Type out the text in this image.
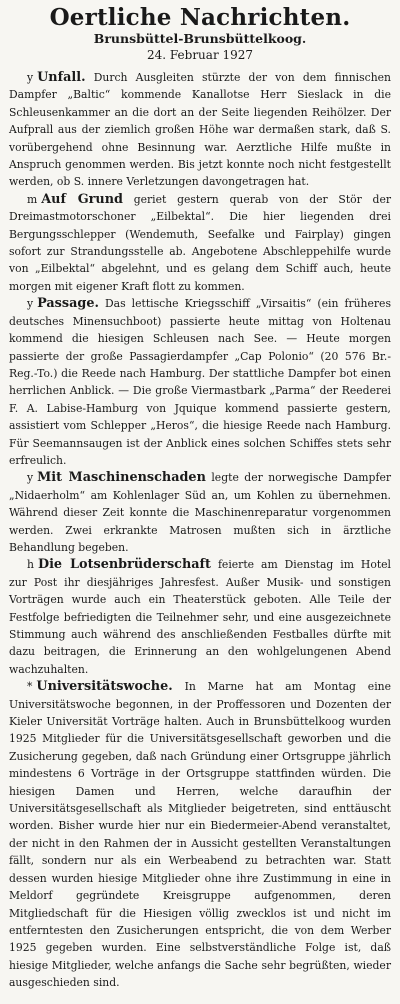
Oertliche Nachrichten.
Brunsbüttel-Brunsbüttelkoog.
24. Februar 1927

y Unfall. Durch Ausgleiten stürzte der von dem finnischen Dampfer „Baltic“ kommende Kanallotse Herr Sieslack in die Schleusenkammer an die dort an der Seite liegenden Reihölzer. Der Aufprall aus der ziemlich großen Höhe war dermaßen stark, daß S. vorübergehend ohne Besinnung war. Aerztliche Hilfe mußte in Anspruch genommen werden. Bis jetzt konnte noch nicht festgestellt werden, ob S. innere Verletzungen davongetragen hat.

m Auf Grund geriet gestern querab von der Stör der Dreimastmotorschoner „Eilbektal“. Die hier liegenden drei Bergungsschlepper (Wendemuth, Seefalke und Fairplay) gingen sofort zur Strandungsstelle ab. Angebotene Abschleppehilfe wurde von „Eilbektal“ abgelehnt, und es gelang dem Schiff auch, heute morgen mit eigener Kraft flott zu kommen.

y Passage. Das lettische Kriegsschiff „Virsaitis“ (ein früheres deutsches Minensuchboot) passierte heute mittag von Holtenau kommend die hiesigen Schleusen nach See. — Heute morgen passierte der große Passagierdampfer „Cap Polonio“ (20 576 Br.-Reg.-To.) die Reede nach Hamburg. Der stattliche Dampfer bot einen herrlichen Anblick. — Die große Viermastbark „Parma“ der Reederei F. A. Labise-Hamburg von Jquique kommend passierte gestern, assistiert vom Schlepper „Heros“, die hiesige Reede nach Hamburg. Für Seemannsaugen ist der Anblick eines solchen Schiffes stets sehr erfreulich.

y Mit Maschinenschaden legte der norwegische Dampfer „Nidaerholm“ am Kohlenlager Süd an, um Kohlen zu übernehmen. Während dieser Zeit konnte die Maschinenreparatur vorgenommen werden. Zwei erkrankte Matrosen mußten sich in ärztliche Behandlung begeben.

h Die Lotsenbrüderschaft feierte am Dienstag im Hotel zur Post ihr diesjähriges Jahresfest. Außer Musik- und sonstigen Vorträgen wurde auch ein Theaterstück geboten. Alle Teile der Festfolge befriedigten die Teilnehmer sehr, und eine ausgezeichnete Stimmung auch während des anschließenden Festballes dürfte mit dazu beitragen, die Erinnerung an den wohlgelungenen Abend wachzuhalten.

* Universitätswoche. In Marne hat am Montag eine Universitätswoche begonnen, in der Proffessoren und Dozenten der Kieler Universität Vorträge halten. Auch in Brunsbüttelkoog wurden 1925 Mitglieder für die Universitätsgesellschaft geworben und die Zusicherung gegeben, daß nach Gründung einer Ortsgruppe jährlich mindestens 6 Vorträge in der Ortsgruppe stattfinden würden. Die hiesigen Damen und Herren, welche daraufhin der Universitätsgesellschaft als Mitglieder beigetreten, sind enttäuscht worden. Bisher wurde hier nur ein Biedermeier-Abend veranstaltet, der nicht in den Rahmen der in Aussicht gestellten Veranstaltungen fällt, sondern nur als ein Werbeabend zu betrachten war. Statt dessen wurden hiesige Mitglieder ohne ihre Zustimmung in eine in Meldorf gegründete Kreisgruppe aufgenommen, deren Mitgliedschaft für die Hiesigen völlig zwecklos ist und nicht im entferntesten den Zusicherungen entspricht, die von dem Werber 1925 gegeben wurden. Eine selbstverständliche Folge ist, daß hiesige Mitglieder, welche anfangs die Sache sehr begrüßten, wieder ausgeschieden sind.
